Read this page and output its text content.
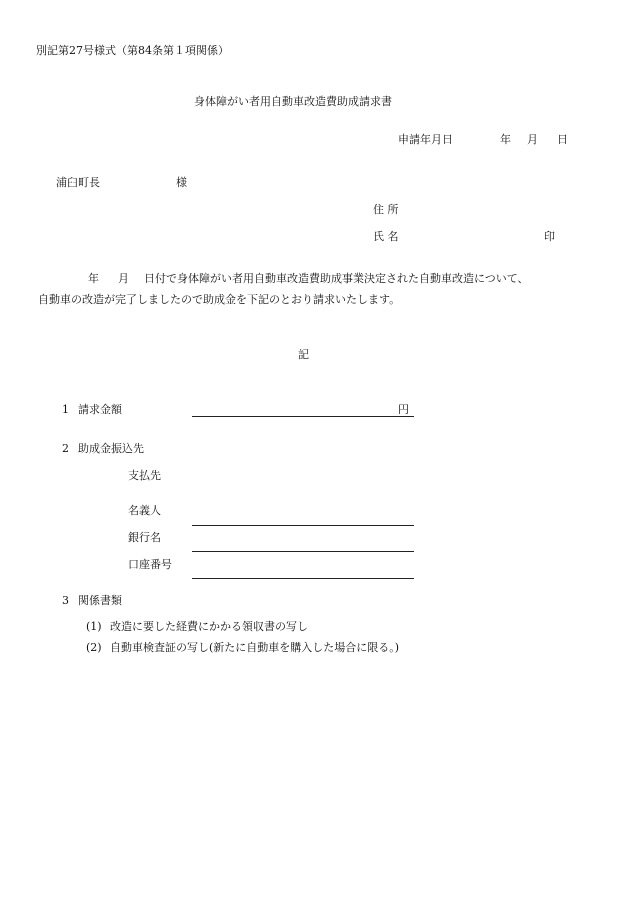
別記第27号様式（第84条第１項関係）
身体障がい者用自動車改造費助成請求書
申請年月日	年 月 日
浦臼町長	様
住 所
氏 名	印
年 月 日付で身体障がい者用自動車改造費助成事業決定された自動車改造について、
自動車の改造が完了しましたので助成金を下記のとおり請求いたします。
記
1 請求金額	円
2 助成金振込先
支払先
名義人
銀行名
口座番号
3 関係書類
(1) 改造に要した経費にかかる領収書の写し
(2) 自動車検査証の写し(新たに自動車を購入した場合に限る。)
